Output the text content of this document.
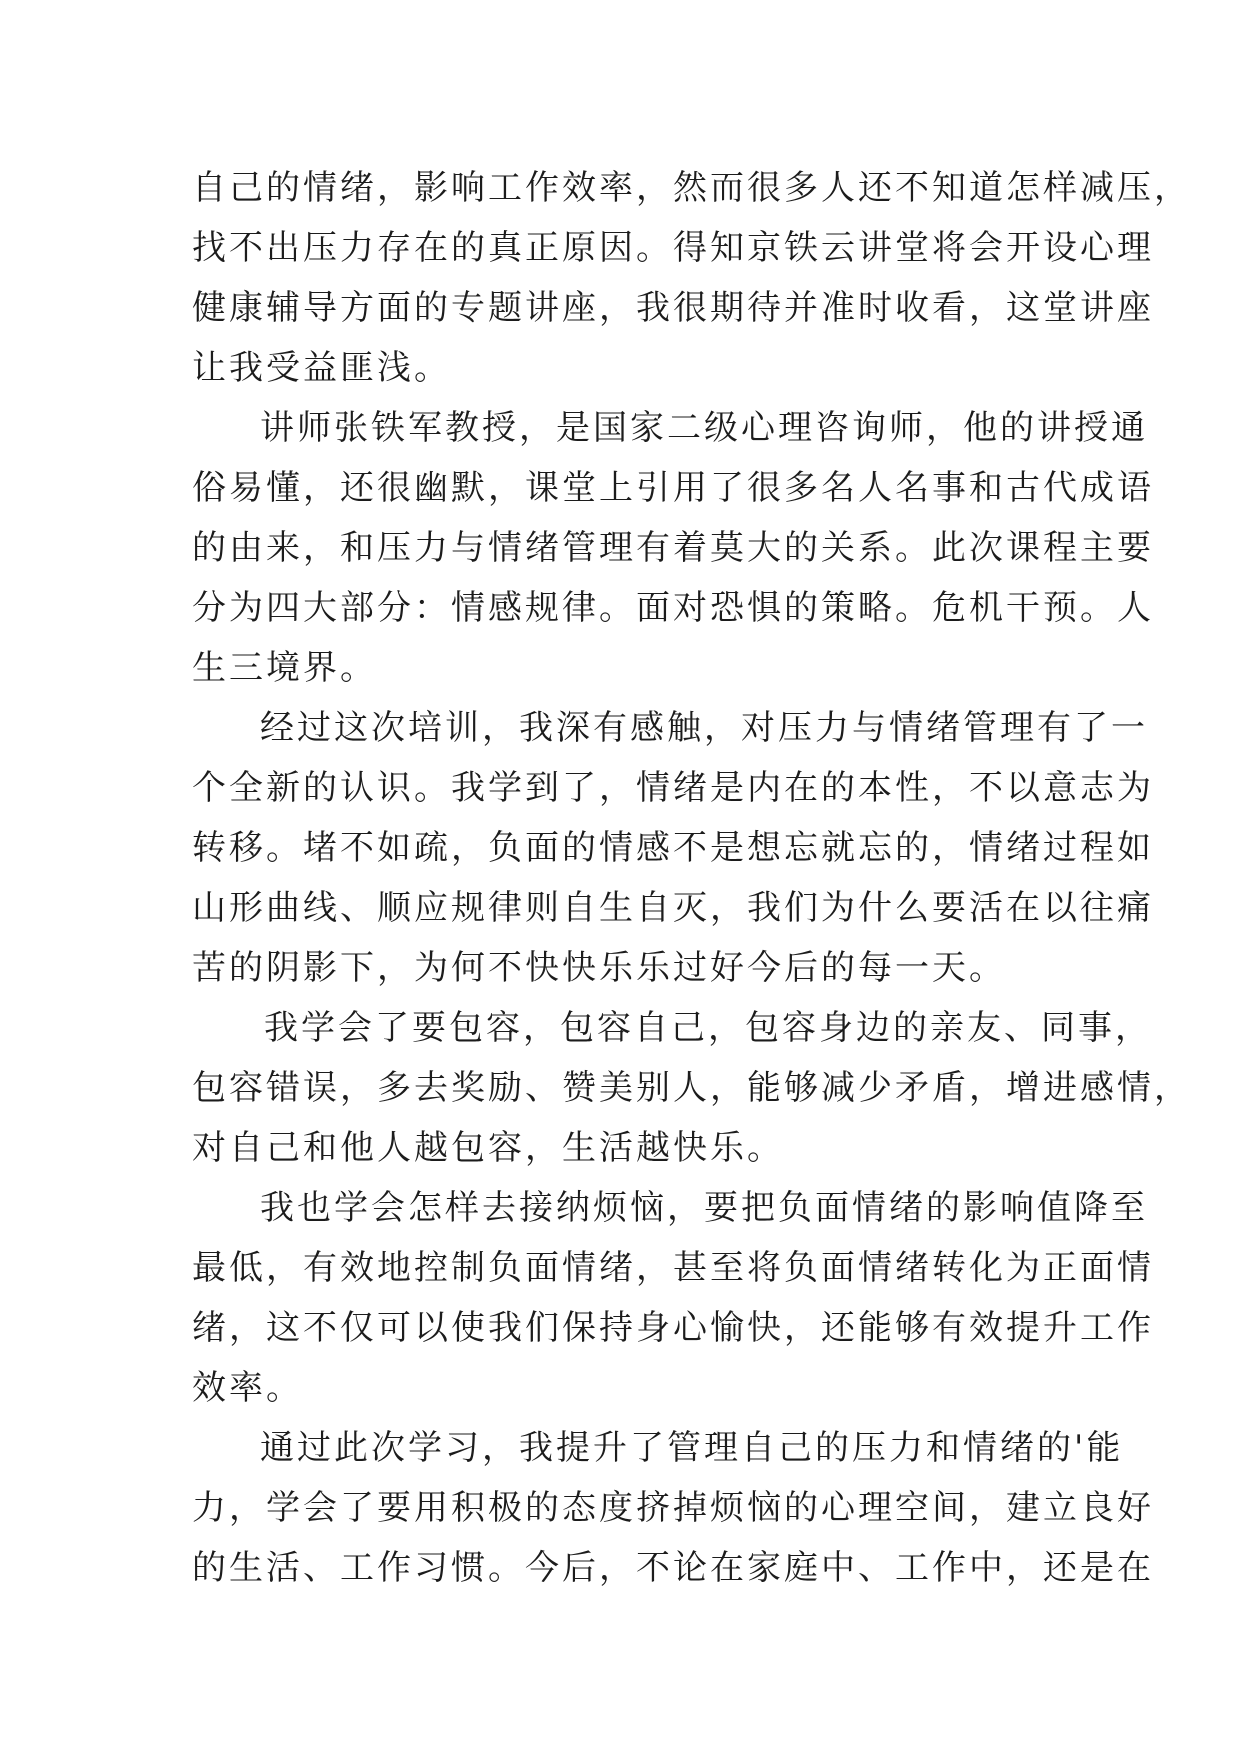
自己的情绪，影响工作效率，然而很多人还不知道怎样减压，
找不出压力存在的真正原因。得知京铁云讲堂将会开设心理
健康辅导方面的专题讲座，我很期待并准时收看，这堂讲座
让我受益匪浅。
讲师张铁军教授，是国家二级心理咨询师，他的讲授通
俗易懂，还很幽默，课堂上引用了很多名人名事和古代成语
的由来，和压力与情绪管理有着莫大的关系。此次课程主要
分为四大部分：情感规律。面对恐惧的策略。危机干预。人
生三境界。
经过这次培训，我深有感触，对压力与情绪管理有了一
个全新的认识。我学到了，情绪是内在的本性，不以意志为
转移。堵不如疏，负面的情感不是想忘就忘的，情绪过程如
山形曲线、顺应规律则自生自灭，我们为什么要活在以往痛
苦的阴影下，为何不快快乐乐过好今后的每一天。
我学会了要包容，包容自己，包容身边的亲友、同事，
包容错误，多去奖励、赞美别人，能够减少矛盾，增进感情，
对自己和他人越包容，生活越快乐。
我也学会怎样去接纳烦恼，要把负面情绪的影响值降至
最低，有效地控制负面情绪，甚至将负面情绪转化为正面情
绪，这不仅可以使我们保持身心愉快，还能够有效提升工作
效率。
通过此次学习，我提升了管理自己的压力和情绪的'能
力，学会了要用积极的态度挤掉烦恼的心理空间，建立良好
的生活、工作习惯。今后，不论在家庭中、工作中，还是在
